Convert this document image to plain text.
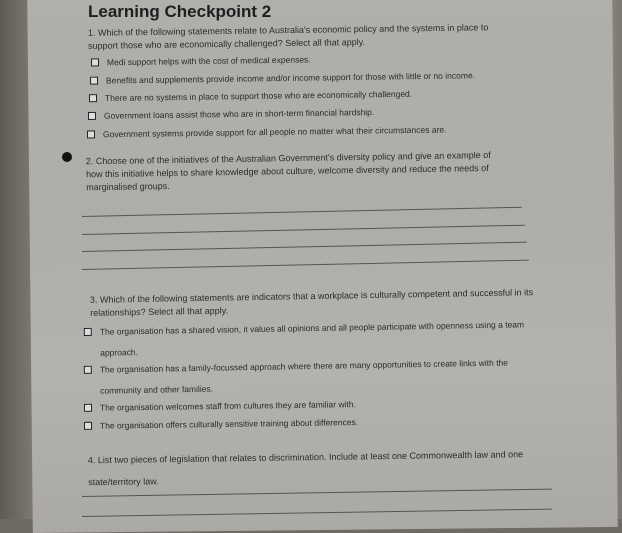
Learning Checkpoint 2
1. Which of the following statements relate to Australia's economic policy and the systems in place to support those who are economically challenged? Select all that apply.
Medi support helps with the cost of medical expenses.
Benefits and supplements provide income and/or income support for those with little or no income.
There are no systems in place to support those who are economically challenged.
Government loans assist those who are in short-term financial hardship.
Government systems provide support for all people no matter what their circumstances are.
2. Choose one of the initiatives of the Australian Government's diversity policy and give an example of how this initiative helps to share knowledge about culture, welcome diversity and reduce the needs of marginalised groups.
3. Which of the following statements are indicators that a workplace is culturally competent and successful in its relationships? Select all that apply.
The organisation has a shared vision, it values all opinions and all people participate with openness using a team approach.
The organisation has a family-focussed approach where there are many opportunities to create links with the community and other families.
The organisation welcomes staff from cultures they are familiar with.
The organisation offers culturally sensitive training about differences.
4. List two pieces of legislation that relates to discrimination. Include at least one Commonwealth law and one state/territory law.
